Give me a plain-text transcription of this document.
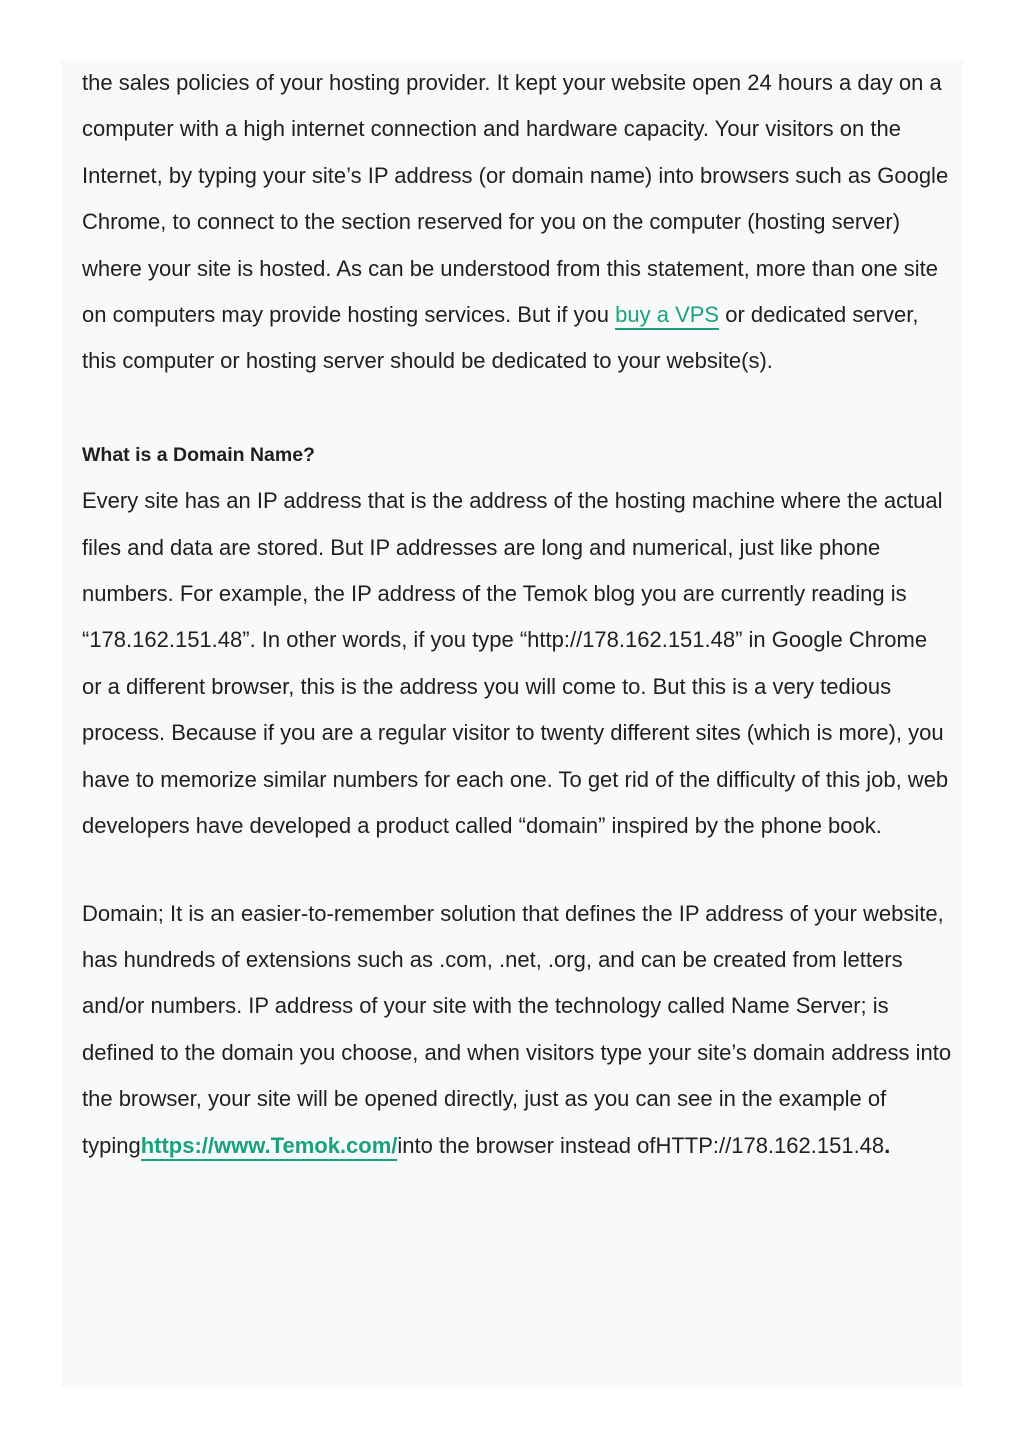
the sales policies of your hosting provider. It kept your website open 24 hours a day on a computer with a high internet connection and hardware capacity. Your visitors on the Internet, by typing your site’s IP address (or domain name) into browsers such as Google Chrome, to connect to the section reserved for you on the computer (hosting server) where your site is hosted. As can be understood from this statement, more than one site on computers may provide hosting services. But if you buy a VPS or dedicated server, this computer or hosting server should be dedicated to your website(s).

What is a Domain Name?

Every site has an IP address that is the address of the hosting machine where the actual files and data are stored. But IP addresses are long and numerical, just like phone numbers. For example, the IP address of the Temok blog you are currently reading is “178.162.151.48”. In other words, if you type “http://178.162.151.48” in Google Chrome or a different browser, this is the address you will come to. But this is a very tedious process. Because if you are a regular visitor to twenty different sites (which is more), you have to memorize similar numbers for each one. To get rid of the difficulty of this job, web developers have developed a product called “domain” inspired by the phone book.

Domain; It is an easier-to-remember solution that defines the IP address of your website, has hundreds of extensions such as .com, .net, .org, and can be created from letters and/or numbers. IP address of your site with the technology called Name Server; is defined to the domain you choose, and when visitors type your site’s domain address into the browser, your site will be opened directly, just as you can see in the example of typinghttps://www.Temok.com/into the browser instead ofHTTP://178.162.151.48.
